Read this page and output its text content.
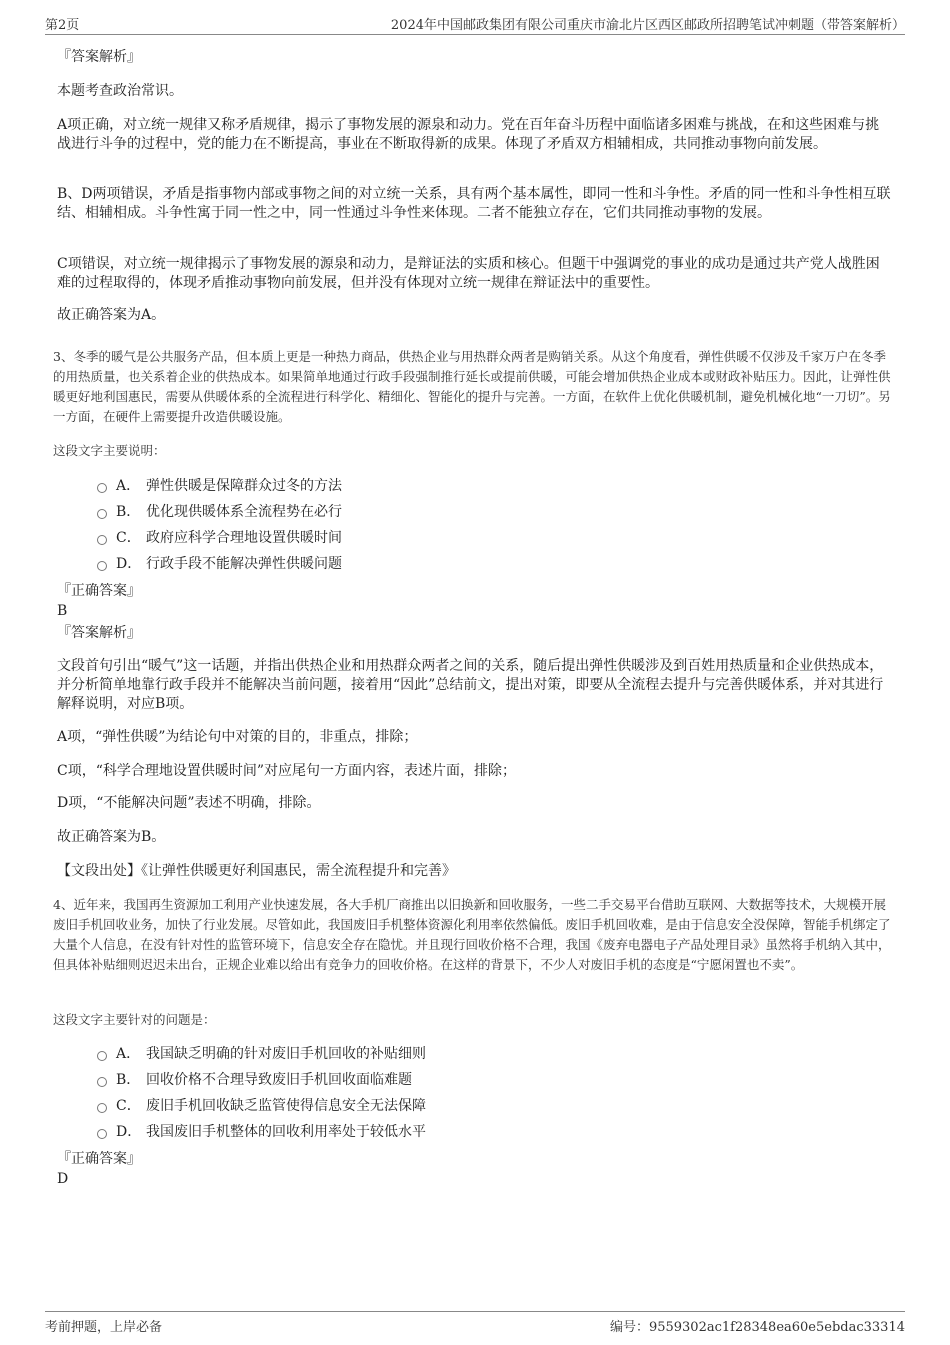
第2页	2024年中国邮政集团有限公司重庆市渝北片区西区邮政所招聘笔试冲刺题（带答案解析）
『答案解析』
本题考查政治常识。
A项正确，对立统一规律又称矛盾规律，揭示了事物发展的源泉和动力。党在百年奋斗历程中面临诸多困难与挑战，在和这些困难与挑战进行斗争的过程中，党的能力在不断提高，事业在不断取得新的成果。体现了矛盾双方相辅相成，共同推动事物向前发展。
B、D两项错误，矛盾是指事物内部或事物之间的对立统一关系，具有两个基本属性，即同一性和斗争性。矛盾的同一性和斗争性相互联结、相辅相成。斗争性寓于同一性之中，同一性通过斗争性来体现。二者不能独立存在，它们共同推动事物的发展。
C项错误，对立统一规律揭示了事物发展的源泉和动力，是辩证法的实质和核心。但题干中强调党的事业的成功是通过共产党人战胜困难的过程取得的，体现矛盾推动事物向前发展，但并没有体现对立统一规律在辩证法中的重要性。
故正确答案为A。
3、冬季的暖气是公共服务产品，但本质上更是一种热力商品，供热企业与用热群众两者是购销关系。从这个角度看，弹性供暖不仅涉及千家万户在冬季的用热质量，也关系着企业的供热成本。如果简单地通过行政手段强制推行延长或提前供暖，可能会增加供热企业成本或财政补贴压力。因此，让弹性供暖更好地利国惠民，需要从供暖体系的全流程进行科学化、精细化、智能化的提升与完善。一方面，在软件上优化供暖机制，避免机械化地“一刀切”。另一方面，在硬件上需要提升改造供暖设施。
这段文字主要说明：
A． 弹性供暖是保障群众过冬的方法
B． 优化现供暖体系全流程势在必行
C． 政府应科学合理地设置供暖时间
D． 行政手段不能解决弹性供暖问题
『正确答案』
B
『答案解析』
文段首句引出“暖气”这一话题，并指出供热企业和用热群众两者之间的关系，随后提出弹性供暖涉及到百姓用热质量和企业供热成本，并分析简单地靠行政手段并不能解决当前问题，接着用“因此”总结前文，提出对策，即要从全流程去提升与完善供暖体系，并对其进行解释说明，对应B项。
A项，“弹性供暖”为结论句中对策的目的，非重点，排除；
C项，“科学合理地设置供暖时间”对应尾句一方面内容，表述片面，排除；
D项，“不能解决问题”表述不明确，排除。
故正确答案为B。
【文段出处】《让弹性供暖更好利国惠民，需全流程提升和完善》
4、近年来，我国再生资源加工利用产业快速发展，各大手机厂商推出以旧换新和回收服务，一些二手交易平台借助互联网、大数据等技术，大规模开展废旧手机回收业务，加快了行业发展。尽管如此，我国废旧手机整体资源化利用率依然偏低。废旧手机回收难，是由于信息安全没保障，智能手机绑定了大量个人信息，在没有针对性的监管环境下，信息安全存在隐忧。并且现行回收价格不合理，我国《废弃电器电子产品处理目录》虽然将手机纳入其中，但具体补贴细则迟迟未出台，正规企业难以给出有竞争力的回收价格。在这样的背景下，不少人对废旧手机的态度是“宁愿闲置也不卖”。
这段文字主要针对的问题是：
A． 我国缺乏明确的针对废旧手机回收的补贴细则
B． 回收价格不合理导致废旧手机回收面临难题
C． 废旧手机回收缺乏监管使得信息安全无法保障
D． 我国废旧手机整体的回收利用率处于较低水平
『正确答案』
D
考前押题，上岸必备	编号：9559302ac1f28348ea60e5ebdac33314
